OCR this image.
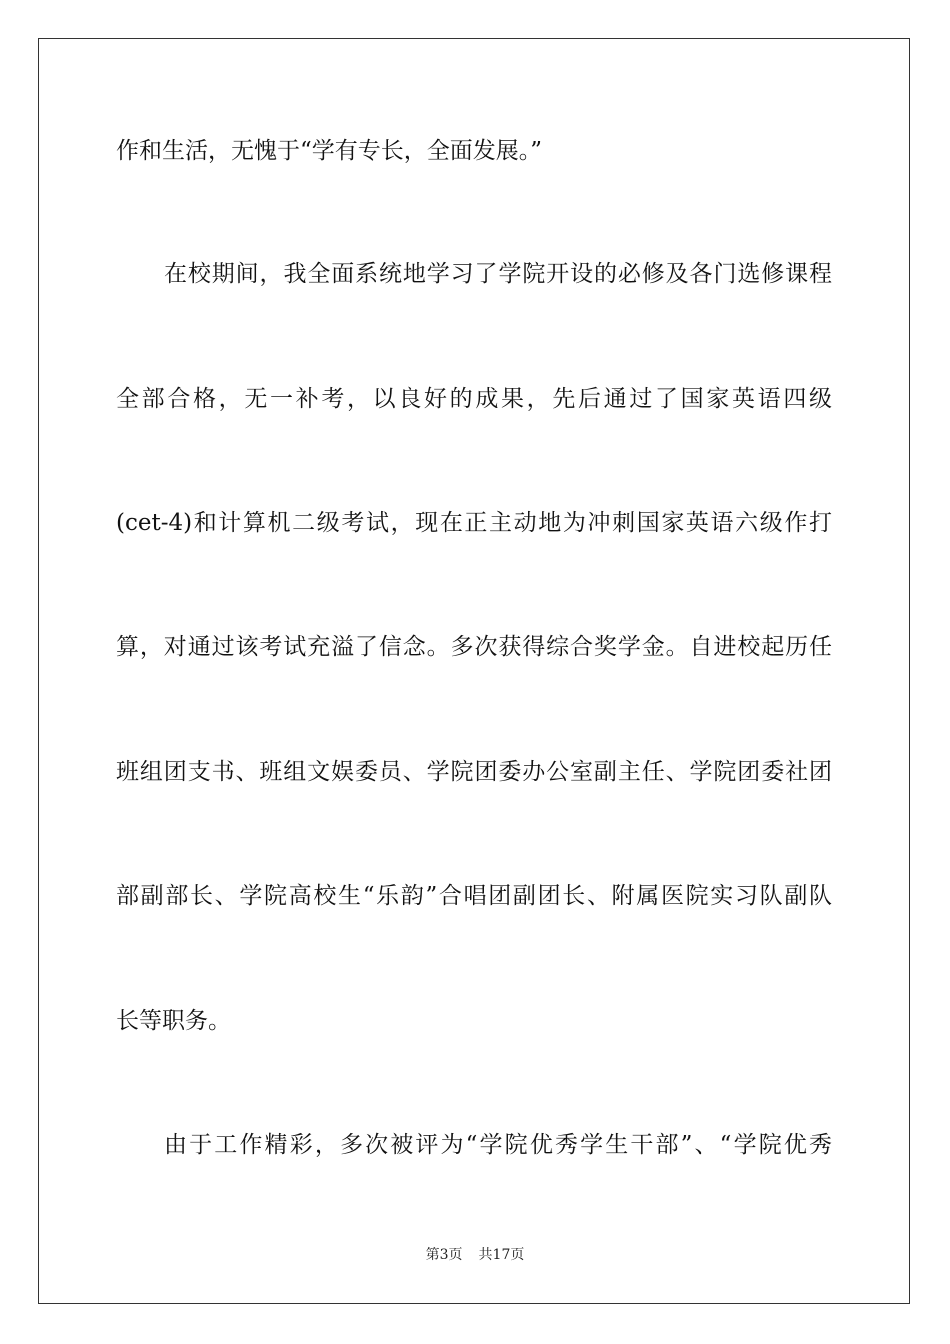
作和生活，无愧于“学有专长，全面发展。”
在校期间，我全面系统地学习了学院开设的必修及各门选修课程
全部合格，无一补考，以良好的成果，先后通过了国家英语四级
(cet-4)和计算机二级考试，现在正主动地为冲刺国家英语六级作打
算，对通过该考试充溢了信念。多次获得综合奖学金。自进校起历任
班组团支书、班组文娱委员、学院团委办公室副主任、学院团委社团
部副部长、学院高校生“乐韵”合唱团副团长、附属医院实习队副队
长等职务。
由于工作精彩，多次被评为“学院优秀学生干部”、“学院优秀
第3页 共17页
